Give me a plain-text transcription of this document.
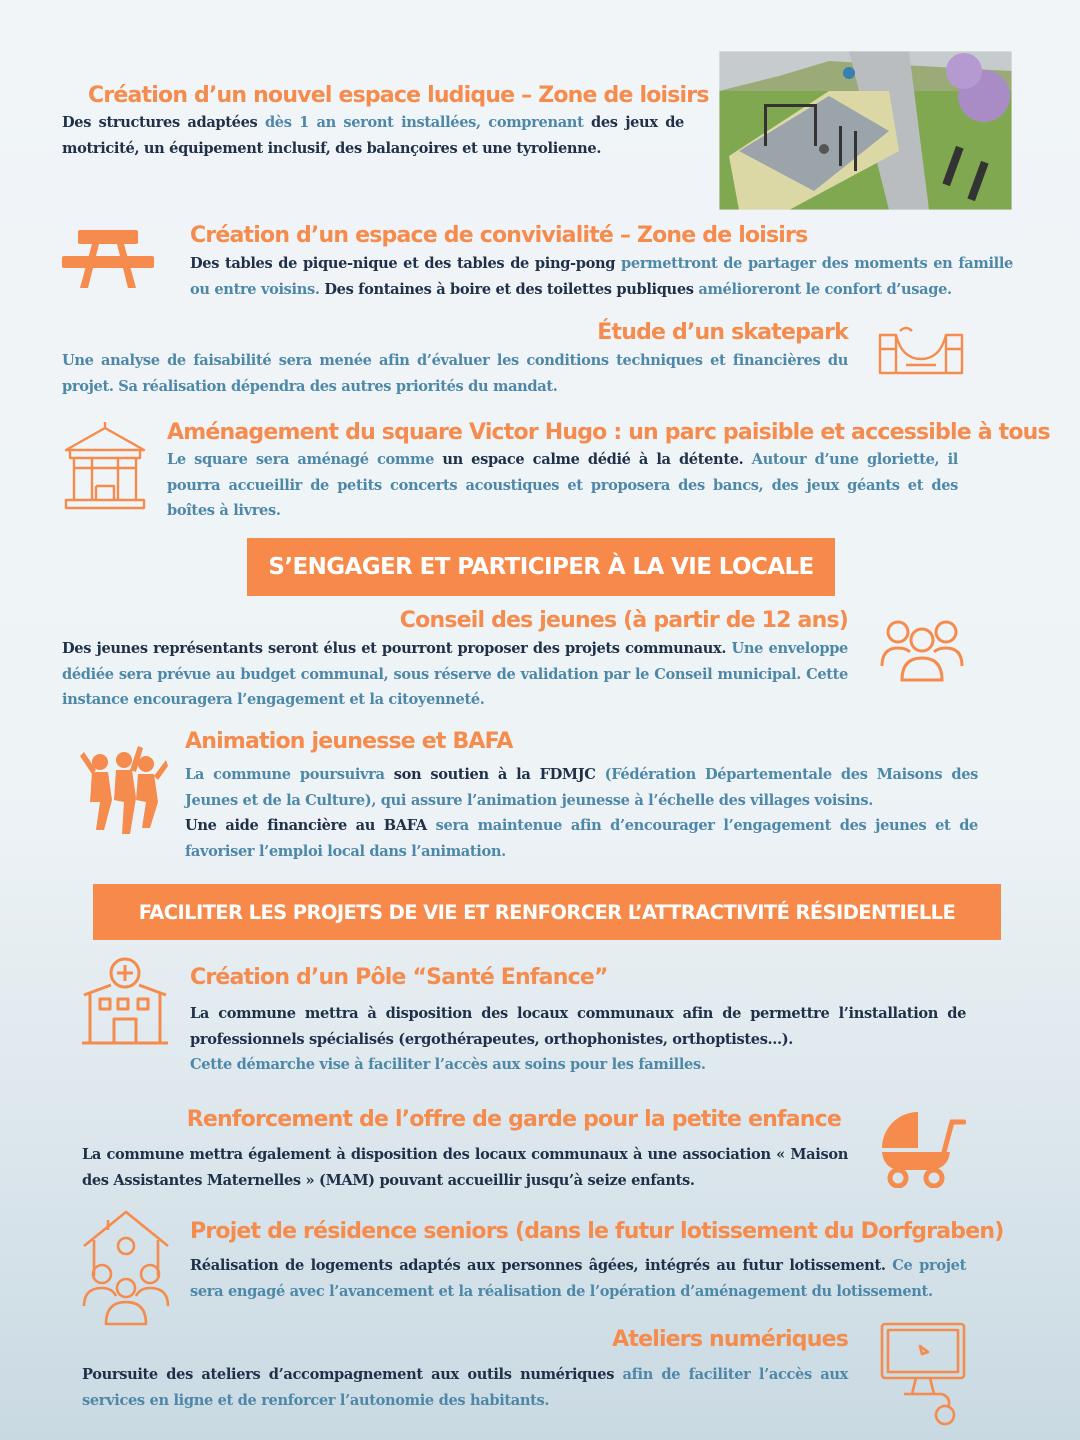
Création d’un nouvel espace ludique – Zone de loisirs
Des structures adaptées dès 1 an seront installées, comprenant des jeux de motricité, un équipement inclusif, des balançoires et une tyrolienne.
Création d’un espace de convivialité – Zone de loisirs
Des tables de pique-nique et des tables de ping-pong permettront de partager des moments en famille ou entre voisins. Des fontaines à boire et des toilettes publiques amélioreront le confort d’usage.
Étude d’un skatepark
Une analyse de faisabilité sera menée afin d’évaluer les conditions techniques et financières du projet. Sa réalisation dépendra des autres priorités du mandat.
Aménagement du square Victor Hugo : un parc paisible et accessible à tous
Le square sera aménagé comme un espace calme dédié à la détente. Autour d’une gloriette, il pourra accueillir de petits concerts acoustiques et proposera des bancs, des jeux géants et des boîtes à livres.
S’ENGAGER ET PARTICIPER À LA VIE LOCALE
Conseil des jeunes (à partir de 12 ans)
Des jeunes représentants seront élus et pourront proposer des projets communaux. Une enveloppe dédiée sera prévue au budget communal, sous réserve de validation par le Conseil municipal. Cette instance encouragera l’engagement et la citoyenneté.
Animation jeunesse et BAFA
La commune poursuivra son soutien à la FDMJC (Fédération Départementale des Maisons des Jeunes et de la Culture), qui assure l’animation jeunesse à l’échelle des villages voisins.
Une aide financière au BAFA sera maintenue afin d’encourager l’engagement des jeunes et de favoriser l’emploi local dans l’animation.
FACILITER LES PROJETS DE VIE ET RENFORCER L’ATTRACTIVITÉ RÉSIDENTIELLE
Création d’un Pôle “Santé Enfance”
La commune mettra à disposition des locaux communaux afin de permettre l’installation de professionnels spécialisés (ergothérapeutes, orthophonistes, orthoptistes...).
Cette démarche vise à faciliter l’accès aux soins pour les familles.
Renforcement de l’offre de garde pour la petite enfance
La commune mettra également à disposition des locaux communaux à une association « Maison des Assistantes Maternelles » (MAM) pouvant accueillir jusqu’à seize enfants.
Projet de résidence seniors (dans le futur lotissement du Dorfgraben)
Réalisation de logements adaptés aux personnes âgées, intégrés au futur lotissement. Ce projet sera engagé avec l’avancement et la réalisation de l’opération d’aménagement du lotissement.
Ateliers numériques
Poursuite des ateliers d’accompagnement aux outils numériques afin de faciliter l’accès aux services en ligne et de renforcer l’autonomie des habitants.
